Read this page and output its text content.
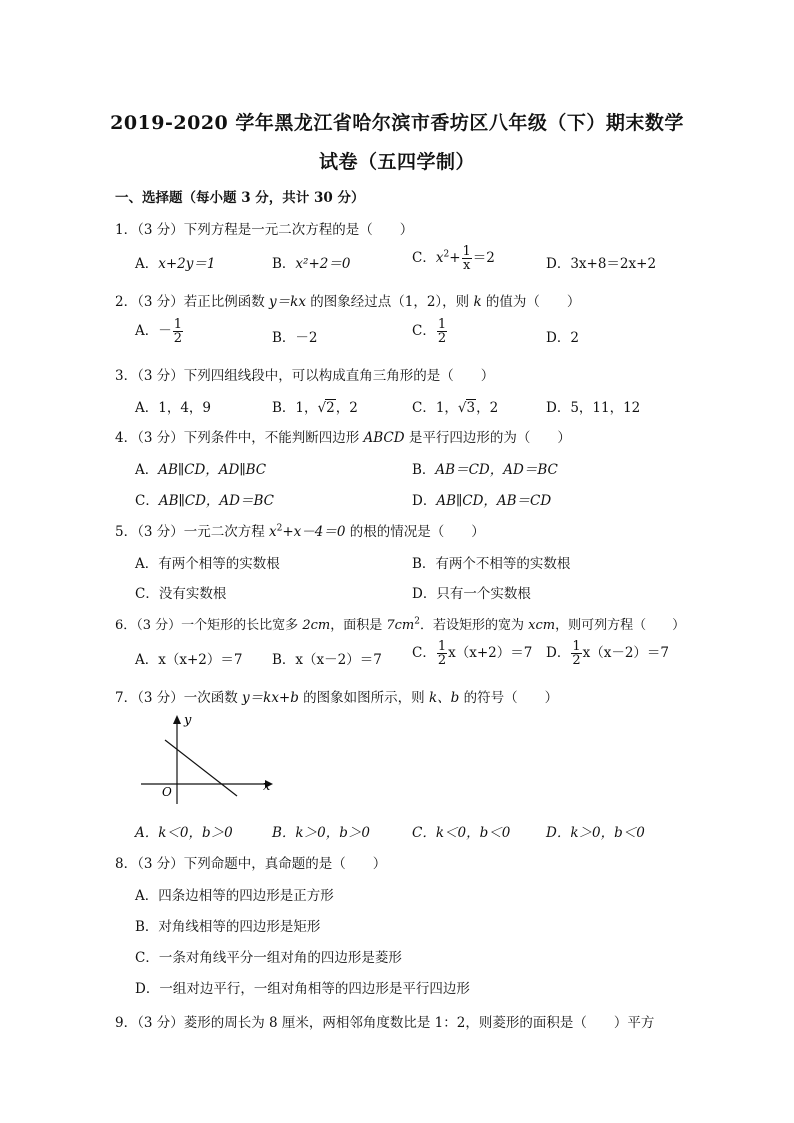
2019-2020 学年黑龙江省哈尔滨市香坊区八年级（下）期末数学
试卷（五四学制）
一、选择题（每小题 3 分，共计 30 分）
1．（3 分）下列方程是一元二次方程的是（　　）
A．x+2y＝1	B．x²+2＝0	C．$x^2+ \frac{1}{x} =2$	D．3x+8＝2x+2
2．（3 分）若正比例函数 y＝kx 的图象经过点（1，2），则 k 的值为（　　）
A．－ $\frac{1}{2}$	B．－2	C． $\frac{1}{2}$	D．2
3．（3 分）下列四组线段中，可以构成直角三角形的是（　　）
A．1，4，9	B．1，√2，2	C．1，√3，2	D．5，11，12
4．（3 分）下列条件中，不能判断四边形 ABCD 是平行四边形的为（　　）
A．AB∥CD，AD∥BC	B．AB＝CD，AD＝BC
C．AB∥CD，AD＝BC	D．AB∥CD，AB＝CD
5．（3 分）一元二次方程 $x^2+x-4=0$ 的根的情况是（　　）
A．有两个相等的实数根	B．有两个不相等的实数根
C．没有实数根	D．只有一个实数根
6．（3 分）一个矩形的长比宽多 2cm，面积是 $7cm^2$．若设矩形的宽为 xcm，则可列方程（　　）
A．x（x+2）＝7 B．x（x－2）＝7 C． $\frac{1}{2} x(x+2)=7$ D． $\frac{1}{2} x(x-2)=7$
7．（3 分）一次函数 y＝kx+b 的图象如图所示，则 k、b 的符号（　　）
y
x
O
A．k＜0，b＞0	B．k＞0，b＞0	C．k＜0，b＜0	D．k＞0，b＜0
8．（3 分）下列命题中，真命题的是（　　）
A．四条边相等的四边形是正方形
B．对角线相等的四边形是矩形
C．一条对角线平分一组对角的四边形是菱形
D．一组对边平行，一组对角相等的四边形是平行四边形
9．（3 分）菱形的周长为 8 厘米，两相邻角度数比是 1：2，则菱形的面积是（　　）平方
